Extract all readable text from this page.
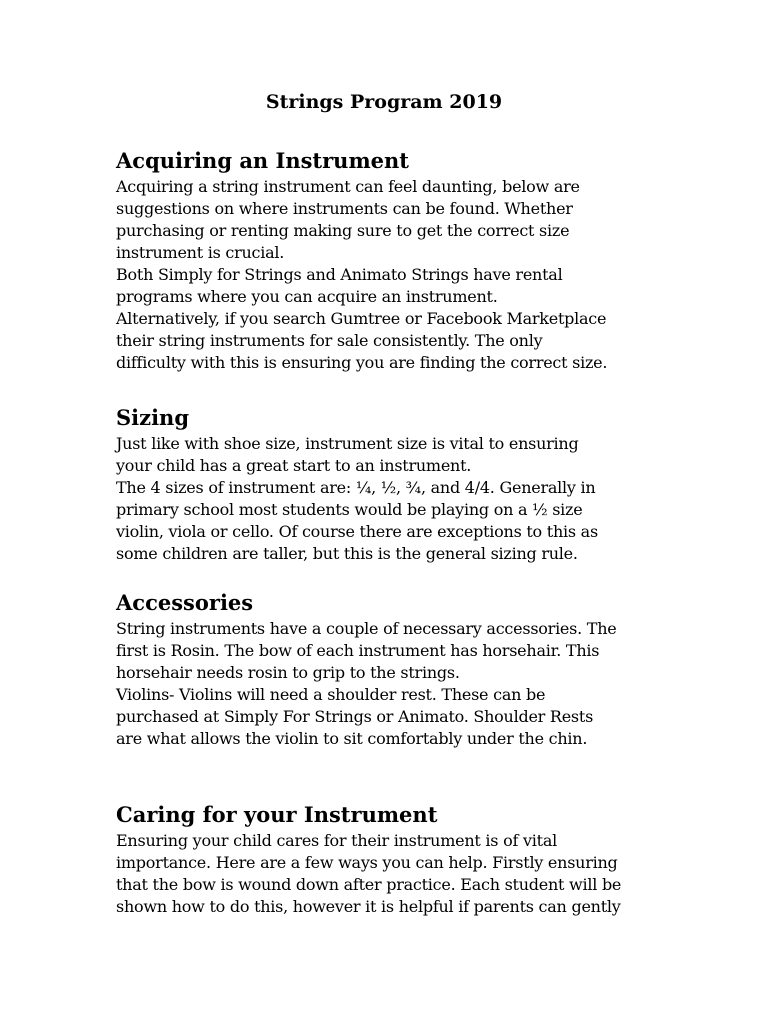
Strings Program 2019
Acquiring an Instrument
Acquiring a string instrument can feel daunting, below are
suggestions on where instruments can be found. Whether
purchasing or renting making sure to get the correct size
instrument is crucial.
Both Simply for Strings and Animato Strings have rental
programs where you can acquire an instrument.
Alternatively, if you search Gumtree or Facebook Marketplace
their string instruments for sale consistently. The only
difficulty with this is ensuring you are finding the correct size.
Sizing
Just like with shoe size, instrument size is vital to ensuring
your child has a great start to an instrument.
The 4 sizes of instrument are: ¼, ½, ¾, and 4/4. Generally in
primary school most students would be playing on a ½ size
violin, viola or cello. Of course there are exceptions to this as
some children are taller, but this is the general sizing rule.
Accessories
String instruments have a couple of necessary accessories. The
first is Rosin. The bow of each instrument has horsehair. This
horsehair needs rosin to grip to the strings.
Violins- Violins will need a shoulder rest. These can be
purchased at Simply For Strings or Animato. Shoulder Rests
are what allows the violin to sit comfortably under the chin.
Caring for your Instrument
Ensuring your child cares for their instrument is of vital
importance. Here are a few ways you can help. Firstly ensuring
that the bow is wound down after practice. Each student will be
shown how to do this, however it is helpful if parents can gently
